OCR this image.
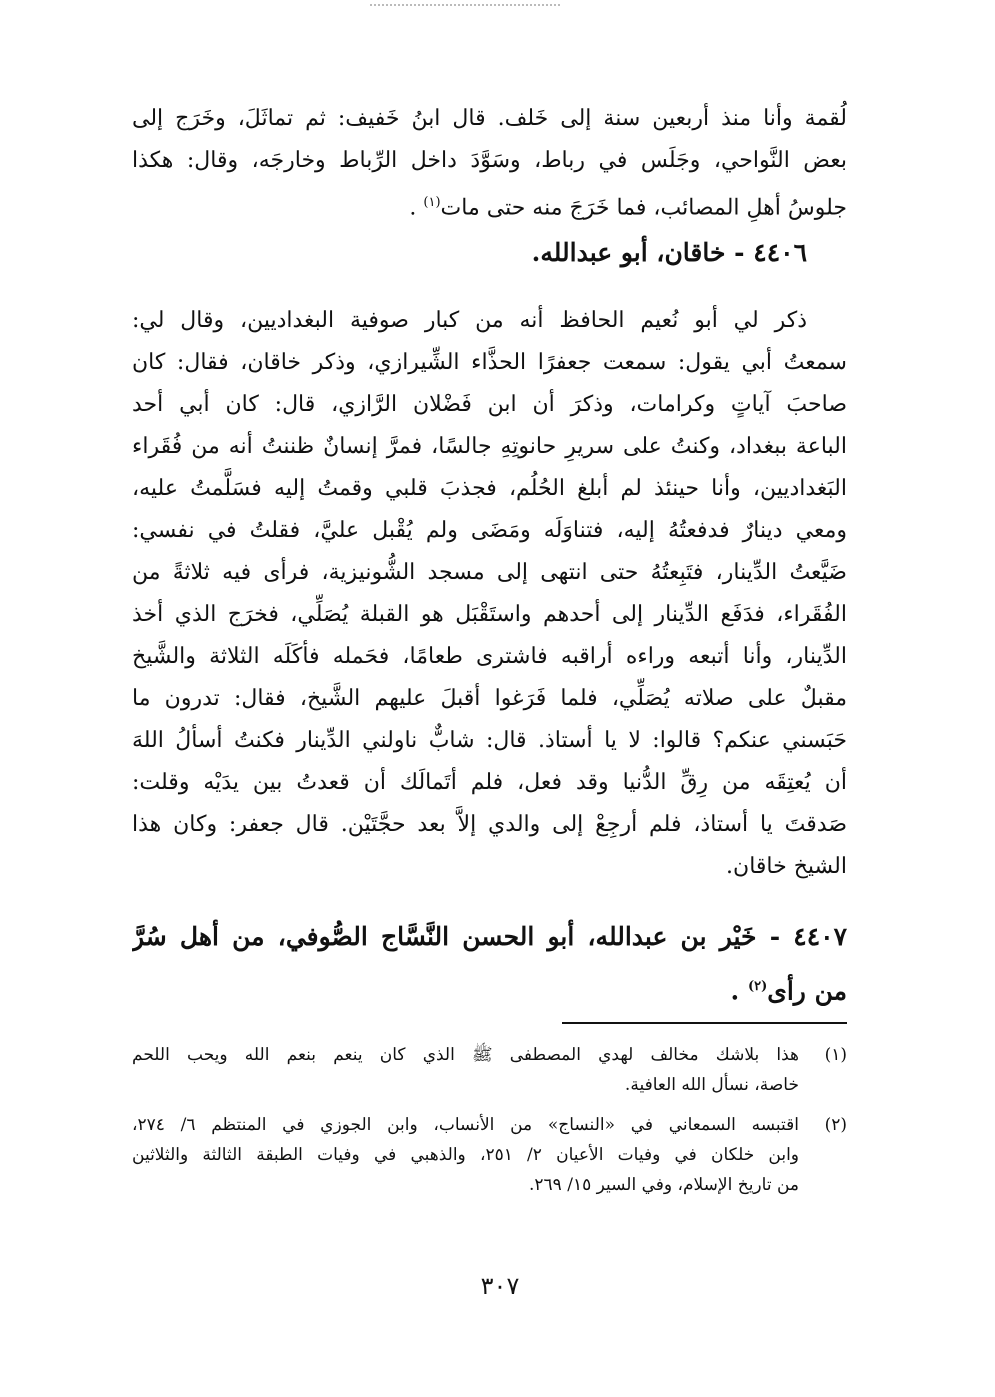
لُقمة وأنا منذ أربعين سنة إلى خَلف. قال ابنُ خَفيف: ثم تماثَلَ، وخَرَج إلى
بعض النَّواحي، وجَلَس في رباط، وسَوَّدَ داخل الرِّباط وخارجَه، وقال: هكذا
جلوسُ أهلِ المصائب، فما خَرَجَ منه حتى مات$^{(١)}$ .
٤٤٠٦ - خاقان، أبو عبدالله.
ذكر لي أبو نُعيم الحافظ أنه من كبار صوفية البغداديين، وقال لي:
سمعتُ أبي يقول: سمعت جعفرًا الحذَّاء الشِّيرازي، وذكر خاقان، فقال: كان
صاحبَ آياتٍ وكرامات، وذكرَ أن ابن فَضْلان الرَّازي، قال: كان أبي أحد
الباعة ببغداد، وكنتُ على سريرِ حانوتِهِ جالسًا، فمرَّ إنسانٌ ظننتُ أنه من فُقَراء
البَغداديين، وأنا حينئذ لم أبلغ الحُلُم، فجذبَ قلبي وقمتُ إليه فسَلَّمتُ عليه،
ومعي دينارٌ فدفعتُهُ إليه، فتناوَلَه ومَضَى ولم يُقْبل عليَّ، فقلتُ في نفسي:
ضَيَّعتُ الدِّينار، فتَبِعتُهُ حتى انتهى إلى مسجد الشُّونيزية، فرأى فيه ثلاثةً من
الفُقَراء، فدَفَع الدِّينار إلى أحدهم واستَقْبَل هو القبلة يُصَلِّي، فخرَج الذي أخذ
الدِّينار، وأنا أتبعه وراءه أراقبه فاشترى طعامًا، فحَمله فأكَلَه الثلاثة والشَّيخ
مقبلٌ على صلاته يُصَلِّي، فلما فَرَغوا أقبلَ عليهم الشَّيخ، فقال: تدرون ما
حَبَسني عنكم؟ قالوا: لا يا أستاذ. قال: شابٌّ ناولني الدِّينار فكنتُ أسألُ اللهَ
أن يُعتِقَه من رِقِّ الدُّنيا وقد فعل، فلم أتَمالَك أن قعدتُ بين يدَيْه وقلت:
صَدقتَ يا أستاذ، فلم أرجِعْ إلى والدي إلاَّ بعد حجَّتَيْن. قال جعفر: وكان هذا
الشيخ خاقان.
٤٤٠٧ - خَيْر بن عبدالله، أبو الحسن النَّسَّاج الصُّوفي، من أهل سُرَّ
من رأى$^{(٢)}$ .
(١)
هذا بلاشك مخالف لهدي المصطفى ﷺ الذي كان ينعم بنعم الله ويحب اللحم
خاصة، نسأل الله العافية.
(٢)
اقتبسه السمعاني في «النساج» من الأنساب، وابن الجوزي في المنتظم ٦/ ٢٧٤،
وابن خلكان في وفيات الأعيان ٢/ ٢٥١، والذهبي في وفيات الطبقة الثالثة والثلاثين
من تاريخ الإسلام، وفي السير ١٥/ ٢٦٩.
٣٠٧
